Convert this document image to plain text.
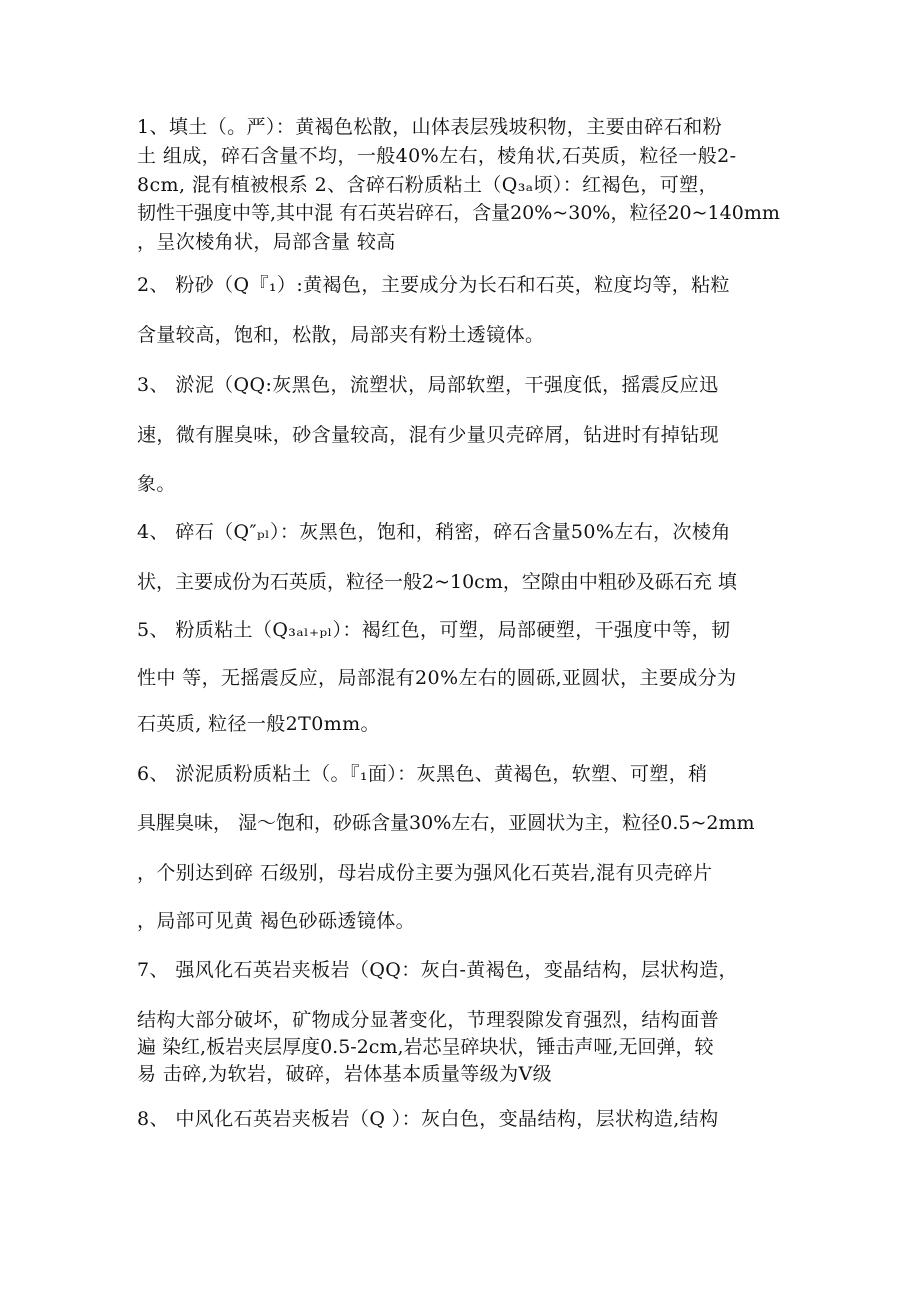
1、填土（。严）：黄褐色松散，山体表层残坡积物，主要由碎石和粉
土 组成，碎石含量不均，一般40%左右，棱角状,石英质，粒径一般2-
8cm, 混有植被根系 2、含碎石粉质粘土（Q₃ₐ顷）：红褐色，可塑，
韧性干强度中等,其中混 有石英岩碎石，含量20%~30%，粒径20~140mm
，呈次棱角状，局部含量 较高
2、 粉砂（Q『₁）:黄褐色，主要成分为长石和石英，粒度均等，粘粒
含量较高，饱和，松散，局部夹有粉土透镜体。
3、 淤泥（QQ:灰黑色，流塑状，局部软塑，干强度低，摇震反应迅
速，微有腥臭味，砂含量较高，混有少量贝壳碎屑，钻进时有掉钻现
象。
4、 碎石（Q″ₚₗ）：灰黑色，饱和，稍密，碎石含量50%左右，次棱角
状，主要成份为石英质，粒径一般2~10cm，空隙由中粗砂及砾石充 填
5、 粉质粘土（Q₃ₐₗ₊ₚₗ）：褐红色，可塑，局部硬塑，干强度中等，韧
性中 等，无摇震反应，局部混有20%左右的圆砾,亚圆状，主要成分为
石英质, 粒径一般2T0mm。
6、 淤泥质粉质粘土（。『₁面）：灰黑色、黄褐色，软塑、可塑，稍
具腥臭味， 湿〜饱和，砂砾含量30%左右，亚圆状为主，粒径0.5~2mm
，个别达到碎 石级别，母岩成份主要为强风化石英岩,混有贝壳碎片
，局部可见黄 褐色砂砾透镜体。
7、 强风化石英岩夹板岩（QQ：灰白-黄褐色，变晶结构，层状构造，
结构大部分破坏，矿物成分显著变化，节理裂隙发育强烈，结构面普
遍 染红,板岩夹层厚度0.5-2cm,岩芯呈碎块状，锤击声哑,无回弹，较
易 击碎,为软岩，破碎，岩体基本质量等级为V级
8、 中风化石英岩夹板岩（Q ）：灰白色，变晶结构，层状构造,结构
